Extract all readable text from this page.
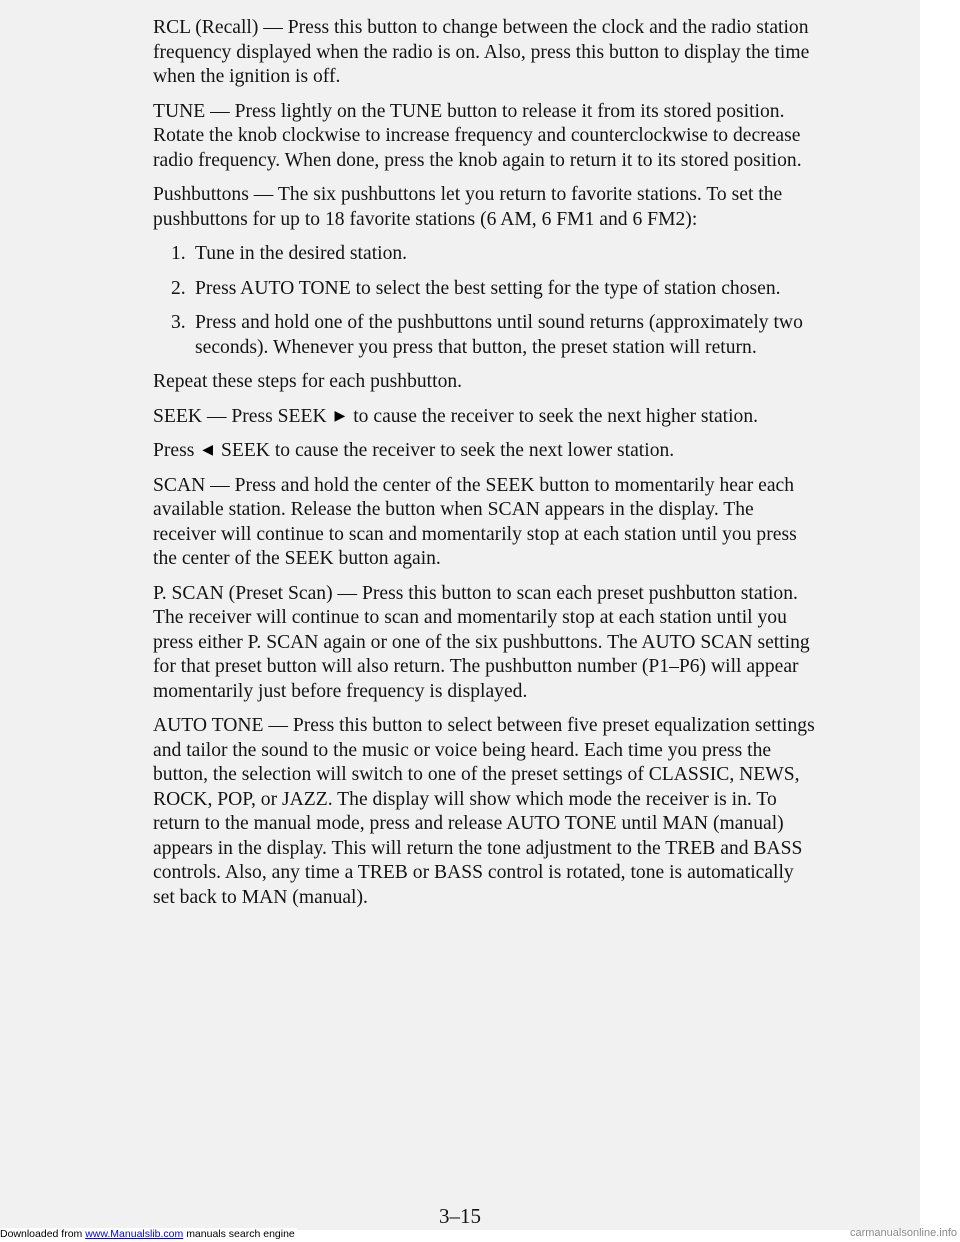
RCL (Recall) — Press this button to change between the clock and the radio station frequency displayed when the radio is on. Also, press this button to display the time when the ignition is off.

TUNE — Press lightly on the TUNE button to release it from its stored position. Rotate the knob clockwise to increase frequency and counterclockwise to decrease radio frequency. When done, press the knob again to return it to its stored position.

Pushbuttons — The six pushbuttons let you return to favorite stations. To set the pushbuttons for up to 18 favorite stations (6 AM, 6 FM1 and 6 FM2):

1. Tune in the desired station.
2. Press AUTO TONE to select the best setting for the type of station chosen.
3. Press and hold one of the pushbuttons until sound returns (approximately two seconds). Whenever you press that button, the preset station will return.

Repeat these steps for each pushbutton.

SEEK — Press SEEK ▶ to cause the receiver to seek the next higher station.

Press ◀ SEEK to cause the receiver to seek the next lower station.

SCAN — Press and hold the center of the SEEK button to momentarily hear each available station. Release the button when SCAN appears in the display. The receiver will continue to scan and momentarily stop at each station until you press the center of the SEEK button again.

P. SCAN (Preset Scan) — Press this button to scan each preset pushbutton station. The receiver will continue to scan and momentarily stop at each station until you press either P. SCAN again or one of the six pushbuttons. The AUTO SCAN setting for that preset button will also return. The pushbutton number (P1–P6) will appear momentarily just before frequency is displayed.

AUTO TONE — Press this button to select between five preset equalization settings and tailor the sound to the music or voice being heard. Each time you press the button, the selection will switch to one of the preset settings of CLASSIC, NEWS, ROCK, POP, or JAZZ. The display will show which mode the receiver is in. To return to the manual mode, press and release AUTO TONE until MAN (manual) appears in the display. This will return the tone adjustment to the TREB and BASS controls. Also, any time a TREB or BASS control is rotated, tone is automatically set back to MAN (manual).

3–15
Downloaded from www.Manualslib.com manuals search engine	carmanualsonline.info
